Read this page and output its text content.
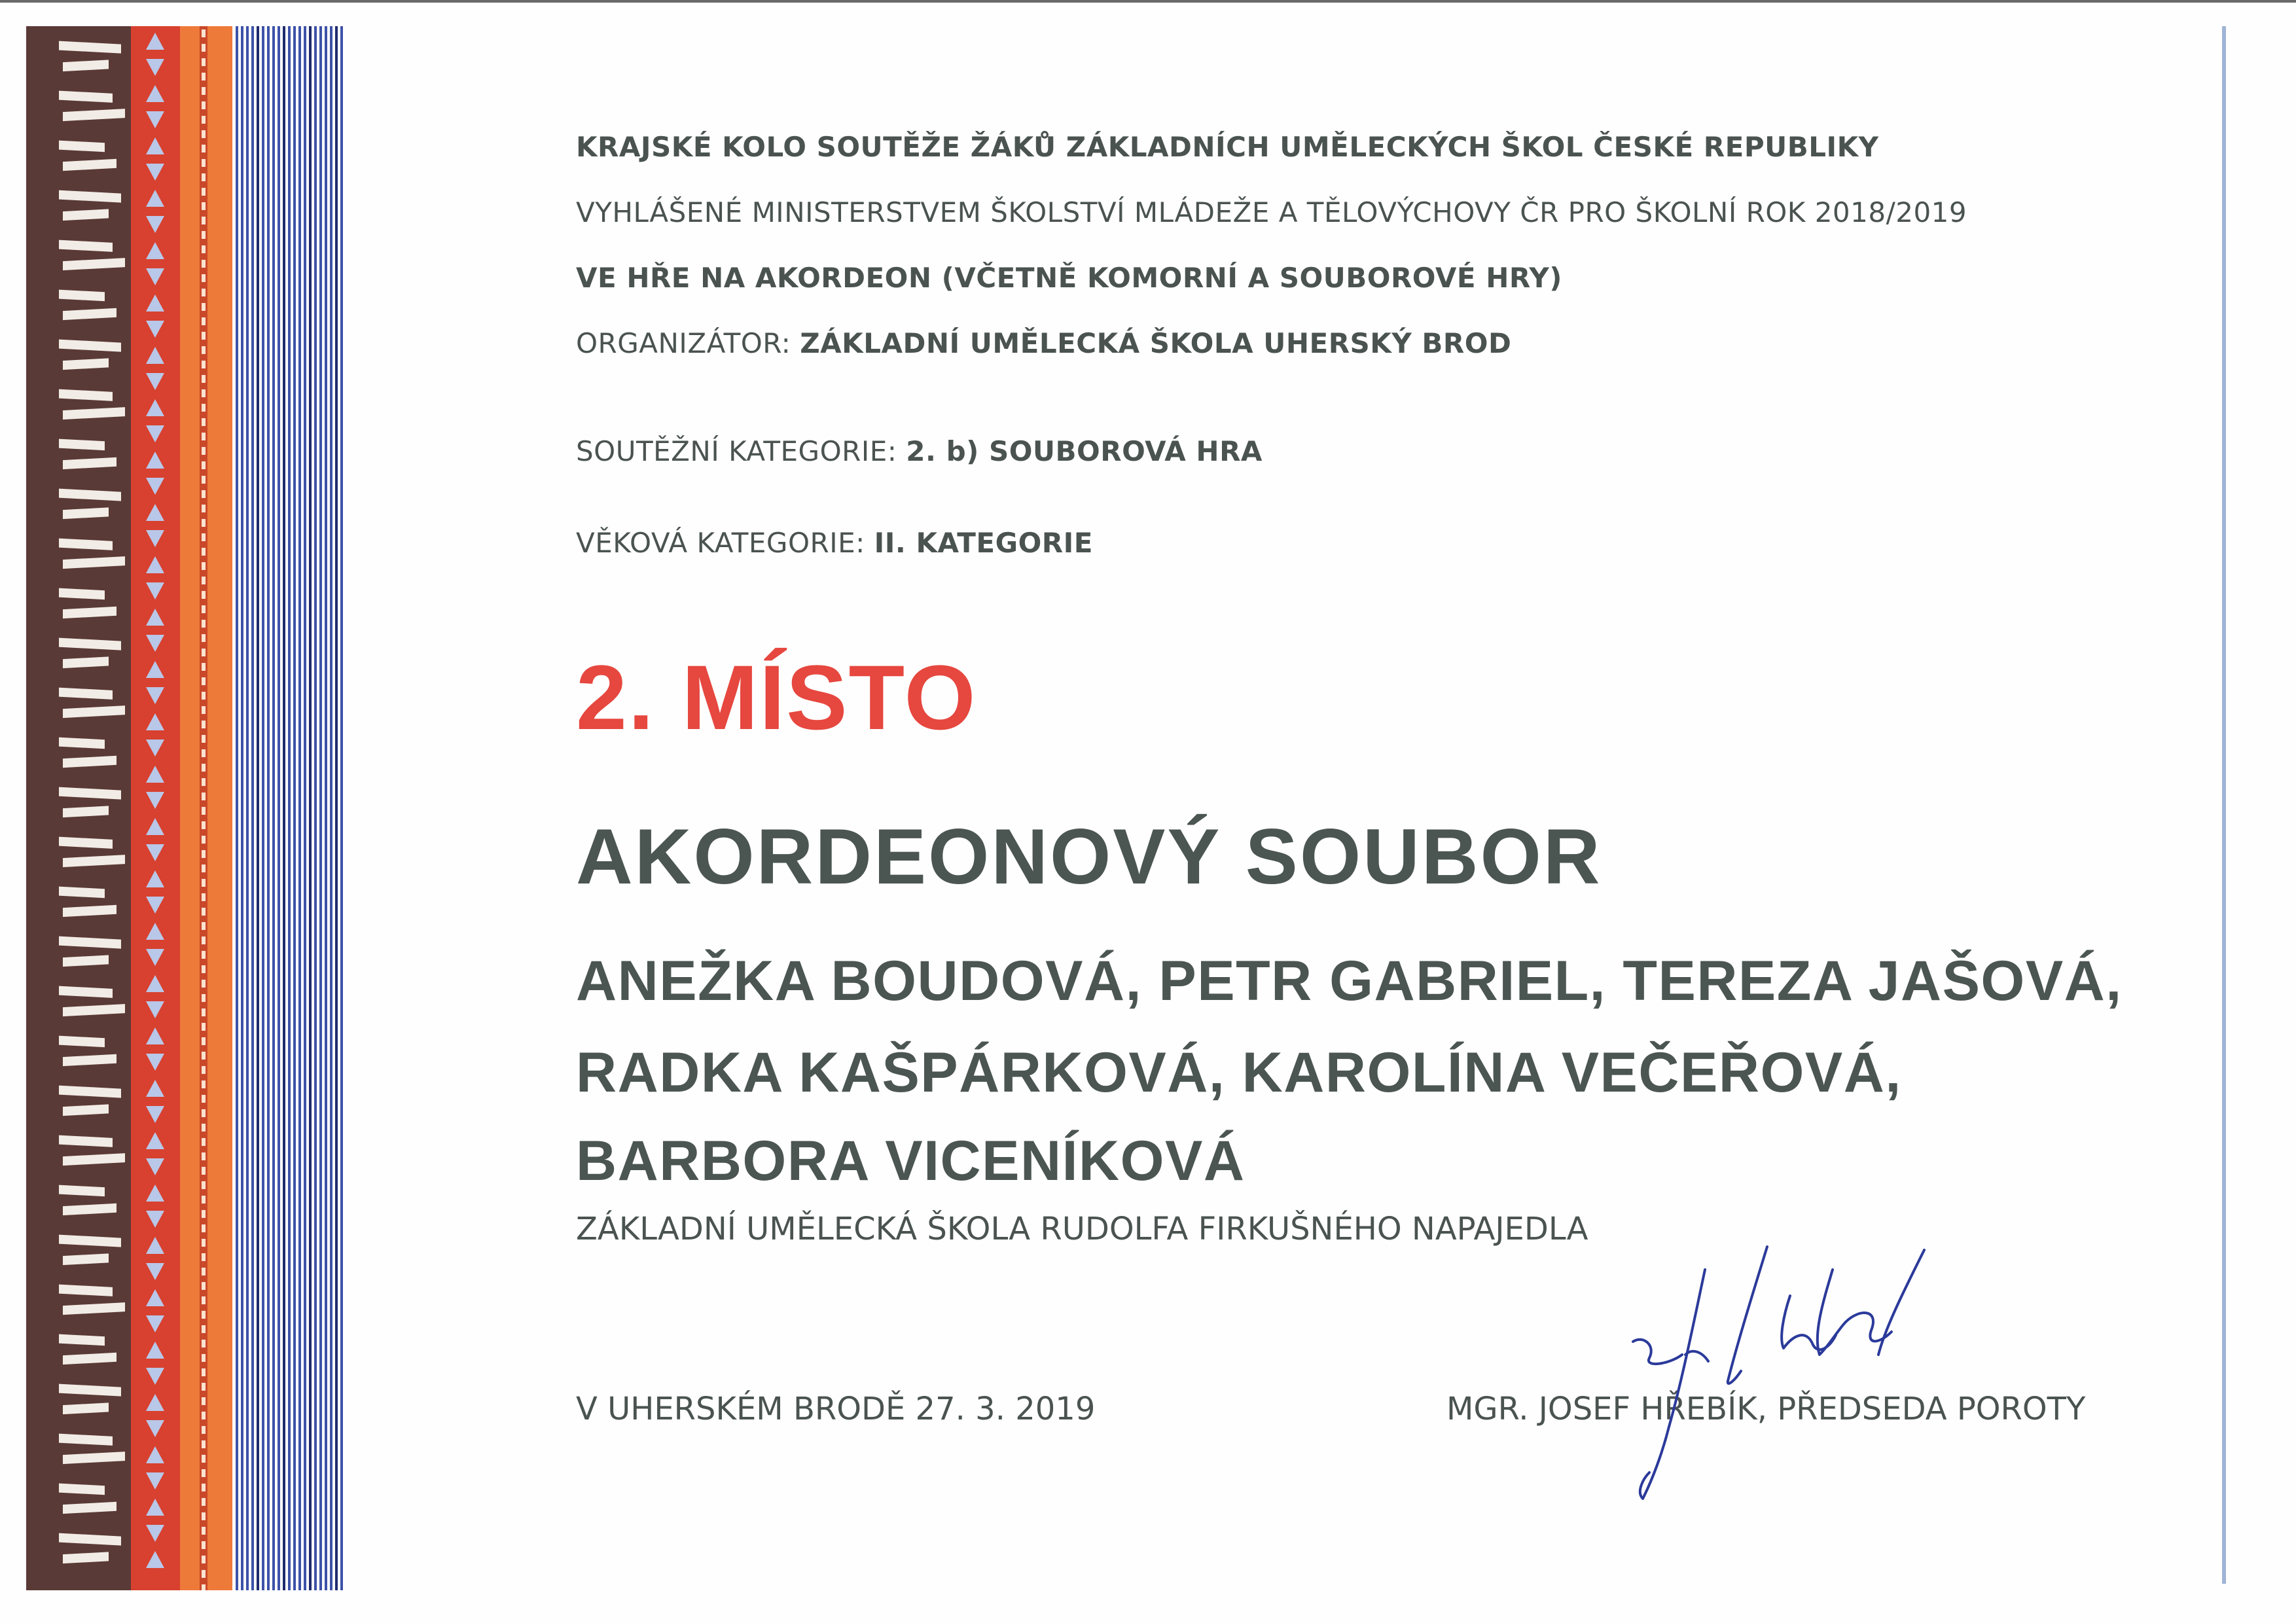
KRAJSKÉ KOLO SOUTĚŽE ŽÁKŮ ZÁKLADNÍCH UMĚLECKÝCH ŠKOL ČESKÉ REPUBLIKY
VYHLÁŠENÉ MINISTERSTVEM ŠKOLSTVÍ MLÁDEŽE A TĚLOVÝCHOVY ČR PRO ŠKOLNÍ ROK 2018/2019
VE HŘE NA AKORDEON (VČETNĚ KOMORNÍ A SOUBOROVÉ HRY)
ORGANIZÁTOR: ZÁKLADNÍ UMĚLECKÁ ŠKOLA UHERSKÝ BROD
SOUTĚŽNÍ KATEGORIE: 2. b) SOUBOROVÁ HRA
VĚKOVÁ KATEGORIE: II. KATEGORIE
2. MÍSTO
AKORDEONOVÝ SOUBOR
ANEŽKA BOUDOVÁ, PETR GABRIEL, TEREZA JAŠOVÁ,
RADKA KAŠPÁRKOVÁ, KAROLÍNA VEČEŘOVÁ,
BARBORA VICENÍKOVÁ
ZÁKLADNÍ UMĚLECKÁ ŠKOLA RUDOLFA FIRKUŠNÉHO NAPAJEDLA
V UHERSKÉM BRODĚ 27. 3. 2019	MGR. JOSEF HŘEBÍK, PŘEDSEDA POROTY
